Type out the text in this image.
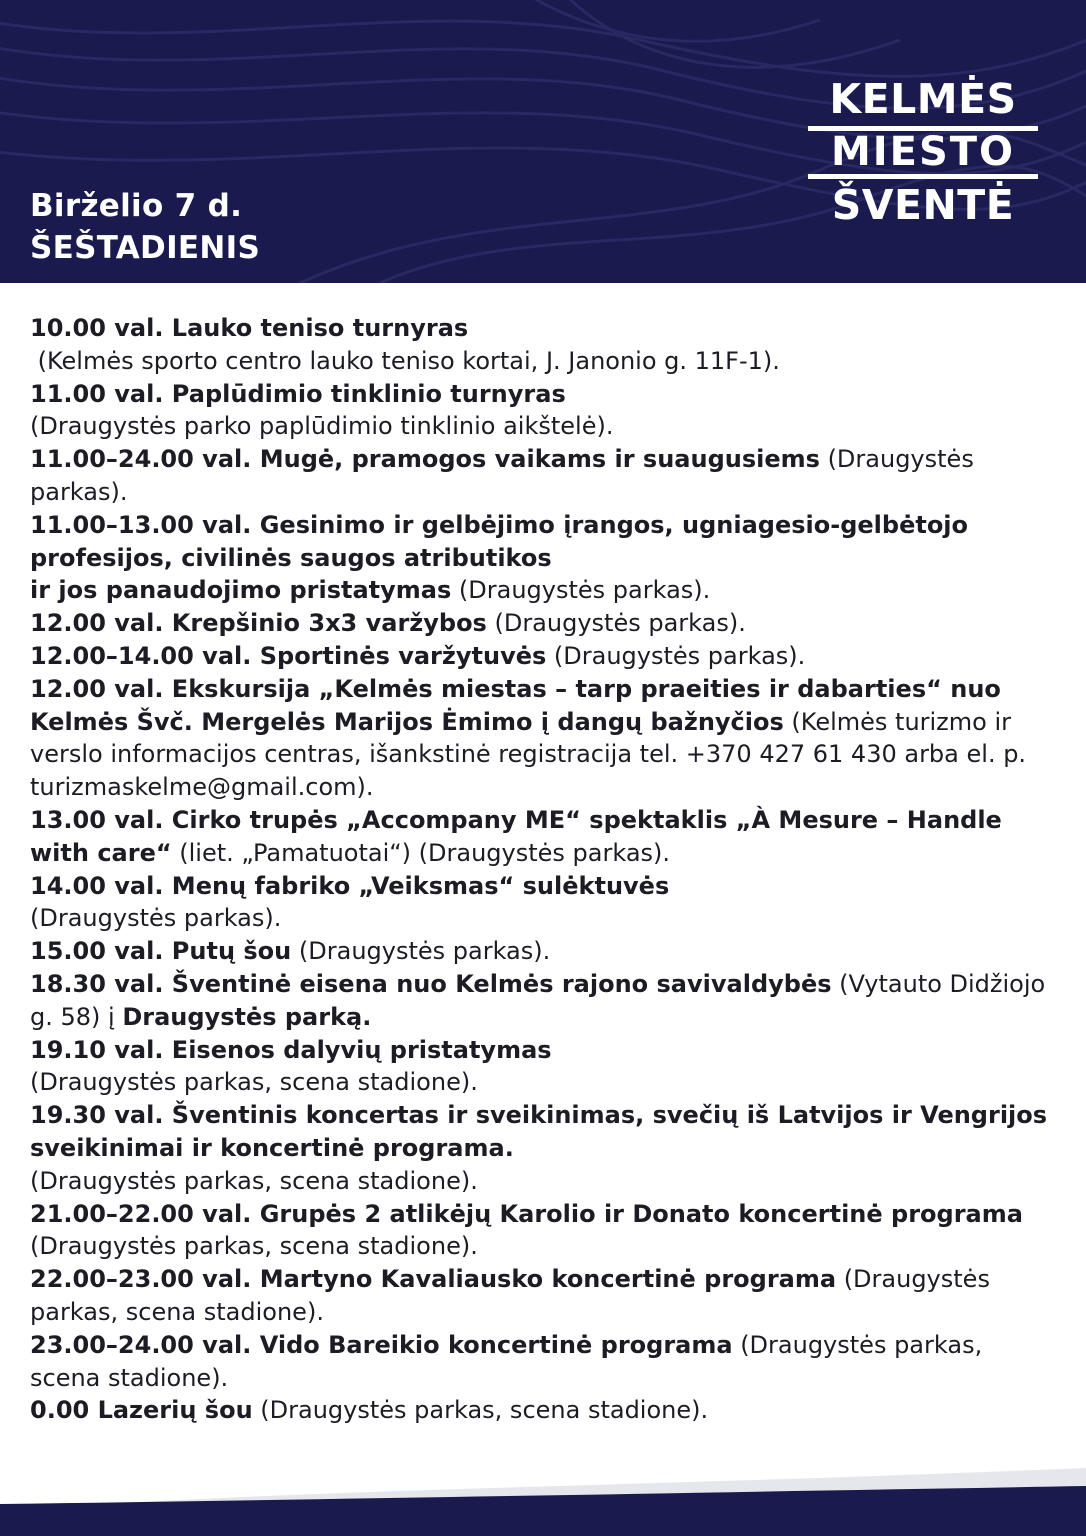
Birželio 7 d.
ŠEŠTADIENIS
KELMĖS
MIESTO
ŠVENTĖ

10.00 val. Lauko teniso turnyras

(Kelmės sporto centro lauko teniso kortai, J. Janonio g. 11F-1).

11.00 val. Paplūdimio tinklinio turnyras

(Draugystės parko paplūdimio tinklinio aikštelė).

11.00–24.00 val. Mugė, pramogos vaikams ir suaugusiems (Draugystės parkas).

11.00–13.00 val. Gesinimo ir gelbėjimo įrangos, ugniagesio-gelbėtojo profesijos, civilinės saugos atributikos

ir jos panaudojimo pristatymas (Draugystės parkas).

12.00 val. Krepšinio 3x3 varžybos (Draugystės parkas).

12.00–14.00 val. Sportinės varžytuvės (Draugystės parkas).

12.00 val. Ekskursija „Kelmės miestas – tarp praeities ir dabarties“ nuo Kelmės Švč. Mergelės Marijos Ėmimo į dangų bažnyčios (Kelmės turizmo ir verslo informacijos centras, išankstinė registracija tel. +370 427 61 430 arba el. p. turizmaskelme@gmail.com).

13.00 val. Cirko trupės „Accompany ME“ spektaklis „À Mesure – Handle with care“ (liet. „Pamatuotai“) (Draugystės parkas).

14.00 val. Menų fabriko „Veiksmas“ sulėktuvės

(Draugystės parkas).

15.00 val. Putų šou (Draugystės parkas).

18.30 val. Šventinė eisena nuo Kelmės rajono savivaldybės (Vytauto Didžiojo g. 58) į Draugystės parką.

19.10 val. Eisenos dalyvių pristatymas

(Draugystės parkas, scena stadione).

19.30 val. Šventinis koncertas ir sveikinimas, svečių iš Latvijos ir Vengrijos sveikinimai ir koncertinė programa.

(Draugystės parkas, scena stadione).

21.00–22.00 val. Grupės 2 atlikėjų Karolio ir Donato koncertinė programa (Draugystės parkas, scena stadione).

22.00–23.00 val. Martyno Kavaliausko koncertinė programa (Draugystės parkas, scena stadione).

23.00–24.00 val. Vido Bareikio koncertinė programa (Draugystės parkas, scena stadione).

0.00 Lazerių šou (Draugystės parkas, scena stadione).
